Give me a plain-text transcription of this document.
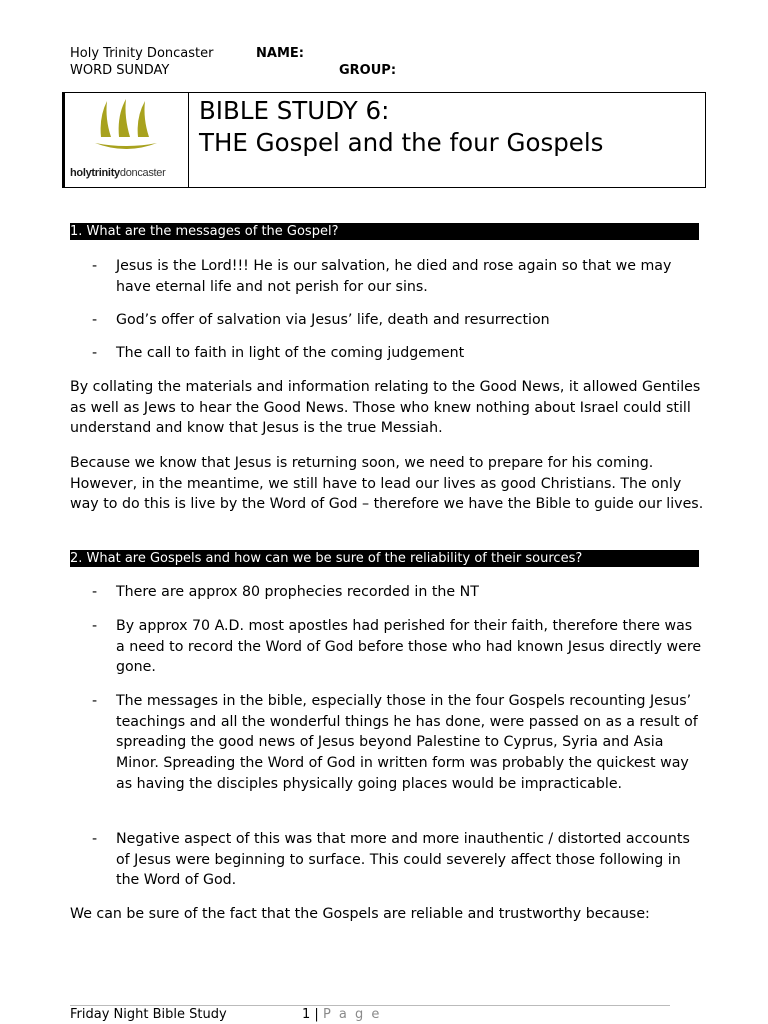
Holy Trinity Doncaster	NAME:
WORD SUNDAY	GROUP:
holytrinitydoncaster
BIBLE STUDY 6:
THE Gospel and the four Gospels
1. What are the messages of the Gospel?
- Jesus is the Lord!!! He is our salvation, he died and rose again so that we may have eternal life and not perish for our sins.
- God’s offer of salvation via Jesus’ life, death and resurrection
- The call to faith in light of the coming judgement
By collating the materials and information relating to the Good News, it allowed Gentiles as well as Jews to hear the Good News. Those who knew nothing about Israel could still understand and know that Jesus is the true Messiah.
Because we know that Jesus is returning soon, we need to prepare for his coming. However, in the meantime, we still have to lead our lives as good Christians. The only way to do this is live by the Word of God – therefore we have the Bible to guide our lives.
2. What are Gospels and how can we be sure of the reliability of their sources?
- There are approx 80 prophecies recorded in the NT
- By approx 70 A.D. most apostles had perished for their faith, therefore there was a need to record the Word of God before those who had known Jesus directly were gone.
- The messages in the bible, especially those in the four Gospels recounting Jesus’ teachings and all the wonderful things he has done, were passed on as a result of spreading the good news of Jesus beyond Palestine to Cyprus, Syria and Asia Minor. Spreading the Word of God in written form was probably the quickest way as having the disciples physically going places would be impracticable.
- Negative aspect of this was that more and more inauthentic / distorted accounts of Jesus were beginning to surface. This could severely affect those following in the Word of God.
We can be sure of the fact that the Gospels are reliable and trustworthy because:
Friday Night Bible Study	1 | P a g e
